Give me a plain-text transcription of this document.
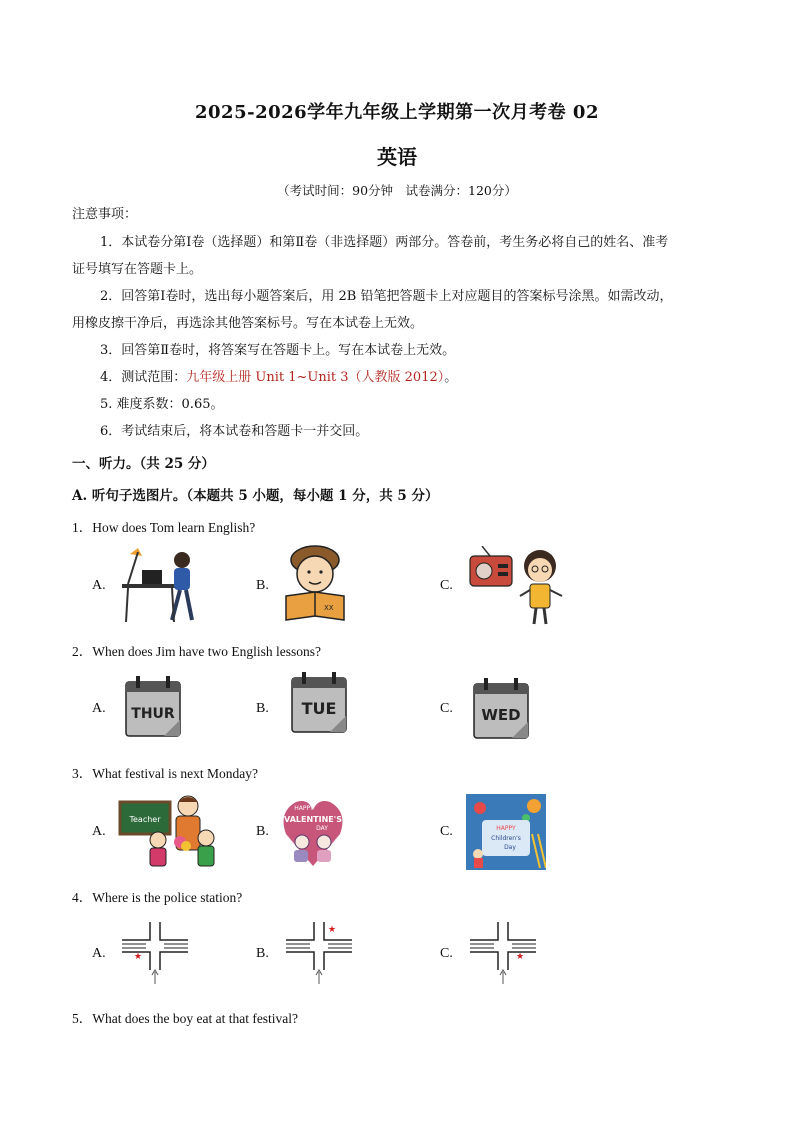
2025-2026学年九年级上学期第一次月考卷 02
英语
（考试时间：90分钟　试卷满分：120分）
注意事项：
1．本试卷分第Ⅰ卷（选择题）和第Ⅱ卷（非选择题）两部分。答卷前，考生务必将自己的姓名、准考
证号填写在答题卡上。
2．回答第Ⅰ卷时，选出每小题答案后，用 2B 铅笔把答题卡上对应题目的答案标号涂黑。如需改动，
用橡皮擦干净后，再选涂其他答案标号。写在本试卷上无效。
3．回答第Ⅱ卷时，将答案写在答题卡上。写在本试卷上无效。
4．测试范围：九年级上册 Unit 1~Unit 3（人教版 2012）。
5. 难度系数：0.65。
6．考试结束后，将本试卷和答题卡一并交回。
一、听力。（共 25 分）
A. 听句子选图片。（本题共 5 小题，每小题 1 分，共 5 分）
1．How does Tom learn English?
A.	B.	C.
XX
2．When does Jim have two English lessons?
A.	B.	C.
THUR	TUE	WED
3．What festival is next Monday?
A.	B.	C.
Teacher
HAPPY
VALENTINE'S
DAY	HAPPY
Children's
Day
4．Where is the police station?
A.	B.	C.
★
★
★
5．What does the boy eat at that festival?
